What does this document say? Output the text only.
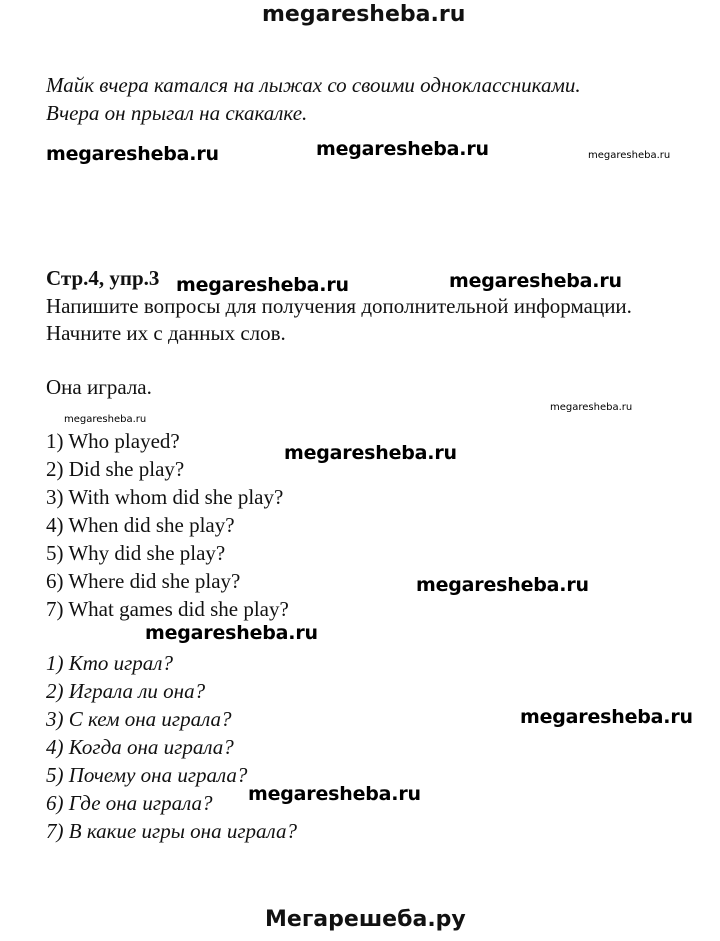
megaresheba.ru
Майк вчера катался на лыжах со своими одноклассниками.
Вчера он прыгал на скакалке.
megaresheba.ru	megaresheba.ru	megaresheba.ru
Стр.4, упр.3 megaresheba.ru	megaresheba.ru
Напишите вопросы для получения дополнительной информации.
Начните их с данных слов.
Она играла.
megaresheba.ru
megaresheba.ru
1) Who played?
2) Did she play?
3) With whom did she play?
4) When did she play?
5) Why did she play?
6) Where did she play?
7) What games did she play?
megaresheba.ru
megaresheba.ru
megaresheba.ru
1) Кто играл?
2) Играла ли она?
3) С кем она играла?
4) Когда она играла?
5) Почему она играла?
6) Где она играла?
7) В какие игры она играла?
megaresheba.ru
megaresheba.ru
Мегарешеба.ру
